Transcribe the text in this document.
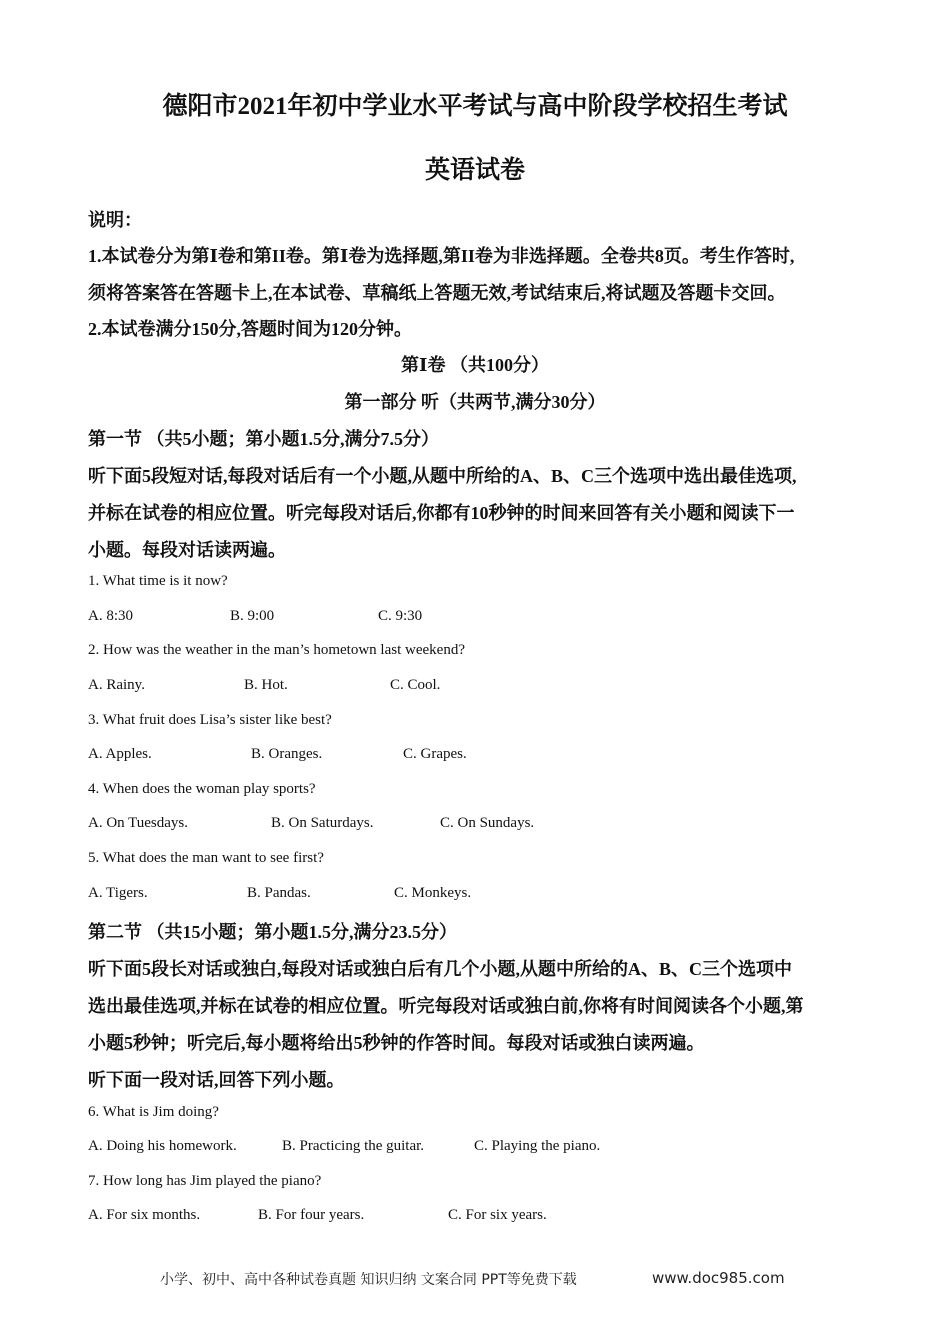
德阳市2021年初中学业水平考试与高中阶段学校招生考试
英语试卷
说明：
1.本试卷分为第Ⅰ卷和第II卷。第Ⅰ卷为选择题,第II卷为非选择题。全卷共8页。考生作答时,
须将答案答在答题卡上,在本试卷、草稿纸上答题无效,考试结束后,将试题及答题卡交回。
2.本试卷满分150分,答题时间为120分钟。
第Ⅰ卷 （共100分）
第一部分 听（共两节,满分30分）
第一节 （共5小题；第小题1.5分,满分7.5分）
听下面5段短对话,每段对话后有一个小题,从题中所给的A、B、C三个选项中选出最佳选项,
并标在试卷的相应位置。听完每段对话后,你都有10秒钟的时间来回答有关小题和阅读下一
小题。每段对话读两遍。
1. What time is it now?
A. 8:30	B. 9:00	C. 9:30
2. How was the weather in the man’s hometown last weekend?
A. Rainy.	B. Hot.	C. Cool.
3. What fruit does Lisa’s sister like best?
A. Apples.	B. Oranges.	C. Grapes.
4. When does the woman play sports?
A. On Tuesdays.	B. On Saturdays.	C. On Sundays.
5. What does the man want to see first?
A. Tigers.	B. Pandas.	C. Monkeys.
第二节 （共15小题；第小题1.5分,满分23.5分）
听下面5段长对话或独白,每段对话或独白后有几个小题,从题中所给的A、B、C三个选项中
选出最佳选项,并标在试卷的相应位置。听完每段对话或独白前,你将有时间阅读各个小题,第
小题5秒钟；听完后,每小题将给出5秒钟的作答时间。每段对话或独白读两遍。
听下面一段对话,回答下列小题。
6. What is Jim doing?
A. Doing his homework.	B. Practicing the guitar.	C. Playing the piano.
7. How long has Jim played the piano?
A. For six months.	B. For four years.	C. For six years.
小学、初中、高中各种试卷真题 知识归纳 文案合同 PPT等免费下载	www.doc985.com
